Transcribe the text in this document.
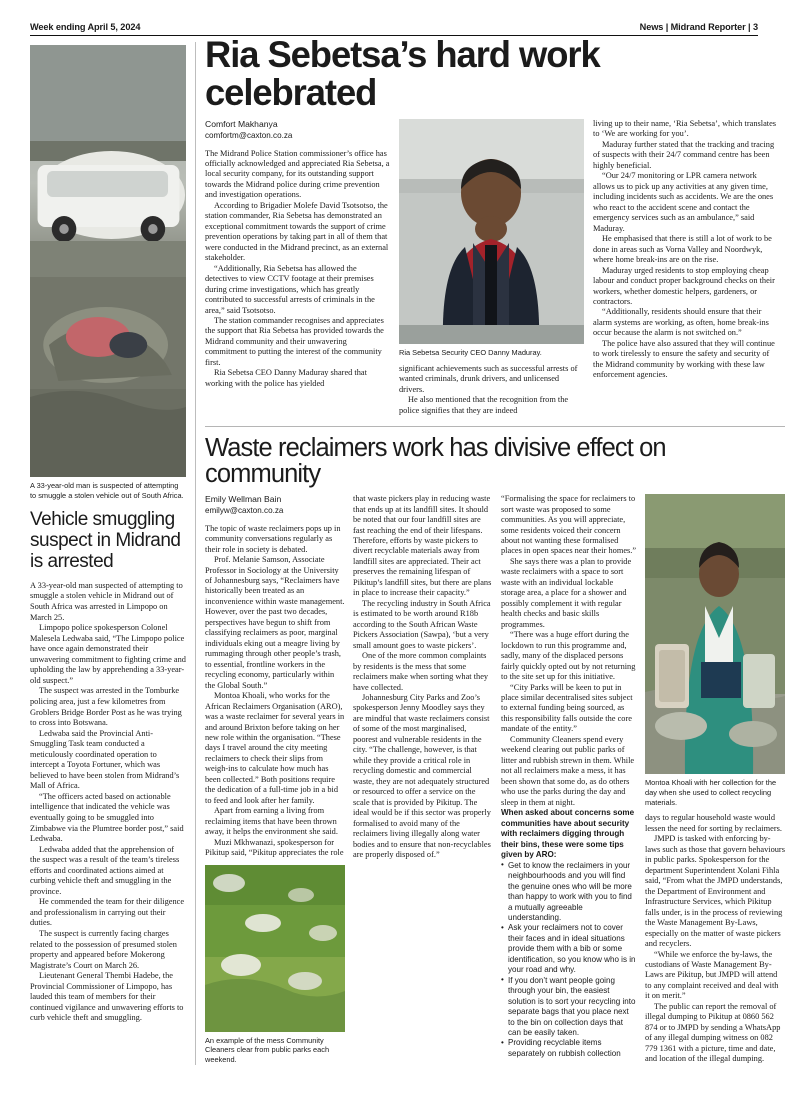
Week ending April 5, 2024	News | Midrand Reporter | 3
A 33-year-old man is suspected of attempting to smuggle a stolen vehicle out of South Africa.
Vehicle smuggling suspect in Midrand is arrested

A 33-year-old man suspected of attempting to smuggle a stolen vehicle in Midrand out of South Africa was arrested in Limpopo on March 25.

Limpopo police spokesperson Colonel Malesela Ledwaba said, “The Limpopo police have once again demonstrated their unwavering commitment to fighting crime and upholding the law by apprehending a 33-year-old suspect.”

The suspect was arrested in the Tomburke policing area, just a few kilometres from Groblers Bridge Border Post as he was trying to cross into Botswana.

Ledwaba said the Provincial Anti-Smuggling Task team conducted a meticulously coordinated operation to intercept a Toyota Fortuner, which was believed to have been stolen from Midrand’s Mall of Africa.

“The officers acted based on actionable intelligence that indicated the vehicle was eventually going to be smuggled into Zimbabwe via the Plumtree border post,” said Ledwaba.

Ledwaba added that the apprehension of the suspect was a result of the team’s tireless efforts and coordinated actions aimed at curbing vehicle theft and smuggling in the province.

He commended the team for their diligence and professionalism in carrying out their duties.

The suspect is currently facing charges related to the possession of presumed stolen property and appeared before Mokerong Magistrate’s Court on March 26.

Lieutenant General Thembi Hadebe, the Provincial Commissioner of Limpopo, has lauded this team of members for their continued vigilance and unwavering efforts to curb vehicle theft and smuggling.

Ria Sebetsa’s hard work celebrated
Comfort Makhanya
comfortm@caxton.co.za

The Midrand Police Station commissioner’s office has officially acknowledged and appreciated Ria Sebetsa, a local security company, for its outstanding support towards the Midrand police during crime prevention and investigation operations.

According to Brigadier Molefe David Tsotsotso, the station commander, Ria Sebetsa has demonstrated an exceptional commitment towards the support of crime prevention operations by taking part in all of them that were conducted in the Midrand precinct, as an external stakeholder.

“Additionally, Ria Sebetsa has allowed the detectives to view CCTV footage at their premises during crime investigations, which has greatly contributed to successful arrests of criminals in the area,” said Tsotsotso.

The station commander recognises and appreciates the support that Ria Sebetsa has provided towards the Midrand community and their unwavering commitment to putting the interest of the community first.

Ria Sebetsa CEO Danny Maduray shared that working with the police has yielded

Ria Sebetsa Security CEO Danny Maduray.

significant achievements such as successful arrests of wanted criminals, drunk drivers, and unlicensed drivers.

He also mentioned that the recognition from the police signifies that they are indeed

living up to their name, ‘Ria Sebetsa’, which translates to ‘We are working for you’.

Maduray further stated that the tracking and tracing of suspects with their 24/7 command centre has been highly beneficial.

“Our 24/7 monitoring or LPR camera network allows us to pick up any activities at any given time, including incidents such as accidents. We are the ones who react to the accident scene and contact the emergency services such as an ambulance,” said Maduray.

He emphasised that there is still a lot of work to be done in areas such as Vorna Valley and Noordwyk, where home break-ins are on the rise.

Maduray urged residents to stop employing cheap labour and conduct proper background checks on their workers, whether domestic helpers, gardeners, or contractors.

“Additionally, residents should ensure that their alarm systems are working, as often, home break-ins occur because the alarm is not switched on.”

The police have also assured that they will continue to work tirelessly to ensure the safety and security of the Midrand community by working with these law enforcement agencies.

Waste reclaimers work has divisive effect on community
Emily Wellman Bain
emilyw@caxton.co.za

The topic of waste reclaimers pops up in community conversations regularly as their role in society is debated.

Prof. Melanie Samson, Associate Professor in Sociology at the University of Johannesburg says, “Reclaimers have historically been treated as an inconvenience within waste management. However, over the past two decades, perspectives have begun to shift from classifying reclaimers as poor, marginal individuals eking out a meagre living by rummaging through other people’s trash, to essential, frontline workers in the recycling economy, particularly within the Global South.”

Montoa Khoali, who works for the African Reclaimers Organisation (ARO), was a waste reclaimer for several years in and around Brixton before taking on her new role within the organisation. “These days I travel around the city meeting reclaimers to check their slips from weigh-ins to calculate how much has been collected.” Both positions require the dedication of a full-time job in a bid to feed and look after her family.

Apart from earning a living from reclaiming items that have been thrown away, it helps the environment she said.

Muzi Mkhwanazi, spokesperson for Pikitup said, “Pikitup appreciates the role

An example of the mess Community Cleaners clear from public parks each weekend.

that waste pickers play in reducing waste that ends up at its landfill sites. It should be noted that our four landfill sites are fast reaching the end of their lifespans. Therefore, efforts by waste pickers to divert recyclable materials away from landfill sites are appreciated. Their act preserves the remaining lifespan of Pikitup’s landfill sites, but there are plans in place to increase their capacity.”

The recycling industry in South Africa is estimated to be worth around R18b according to the South African Waste Pickers Association (Sawpa), ‘but a very small amount goes to waste pickers’.

One of the more common complaints by residents is the mess that some reclaimers make when sorting what they have collected.

Johannesburg City Parks and Zoo’s spokesperson Jenny Moodley says they are mindful that waste reclaimers consist of some of the most marginalised, poorest and vulnerable residents in the city. “The challenge, however, is that while they provide a critical role in recycling domestic and commercial waste, they are not adequately structured or resourced to offer a service on the scale that is provided by Pikitup. The ideal would be if this sector was properly formalised to avoid many of the reclaimers living illegally along water bodies and to ensure that non-recyclables are properly disposed of.”

“Formalising the space for reclaimers to sort waste was proposed to some communities. As you will appreciate, some residents voiced their concern about not wanting these formalised places in open spaces near their homes.”

She says there was a plan to provide waste reclaimers with a space to sort waste with an individual lockable storage area, a place for a shower and possibly complement it with regular health checks and basic skills programmes.

“There was a huge effort during the lockdown to run this programme and, sadly, many of the displaced persons fairly quickly opted out by not returning to the site set up for this initiative.

“City Parks will be keen to put in place similar decentralised sites subject to external funding being sourced, as this responsibility falls outside the core mandate of the entity.”

Community Cleaners spend every weekend clearing out public parks of litter and rubbish strewn in them. While not all reclaimers make a mess, it has been shown that some do, as do others who use the parks during the day and sleep in them at night.

When asked about concerns some communities have about security with reclaimers digging through their bins, these were some tips given by ARO:
• Get to know the reclaimers in your neighbourhoods and you will find the genuine ones who will be more than happy to work with you to find a mutually agreeable understanding.
• Ask your reclaimers not to cover their faces and in ideal situations provide them with a bib or some identification, so you know who is in your road and why.
• If you don’t want people going through your bin, the easiest solution is to sort your recycling into separate bags that you place next to the bin on collection days that can be easily taken.
• Providing recyclable items separately on rubbish collection
Montoa Khoali with her collection for the day when she used to collect recycling materials.

days to regular household waste would lessen the need for sorting by reclaimers.

JMPD is tasked with enforcing by-laws such as those that govern behaviours in public parks. Spokesperson for the department Superintendent Xolani Fihla said, “From what the JMPD understands, the Department of Environment and Infrastructure Services, which Pikitup falls under, is in the process of reviewing the Waste Management By-Laws, especially on the matter of waste pickers and recyclers.

“While we enforce the by-laws, the custodians of Waste Management By-Laws are Pikitup, but JMPD will attend to any complaint received and deal with it on merit.”

The public can report the removal of illegal dumping to Pikitup at 0860 562 874 or to JMPD by sending a WhatsApp of any illegal dumping witness on 082 779 1361 with a picture, time and date, and location of the illegal dumping.
